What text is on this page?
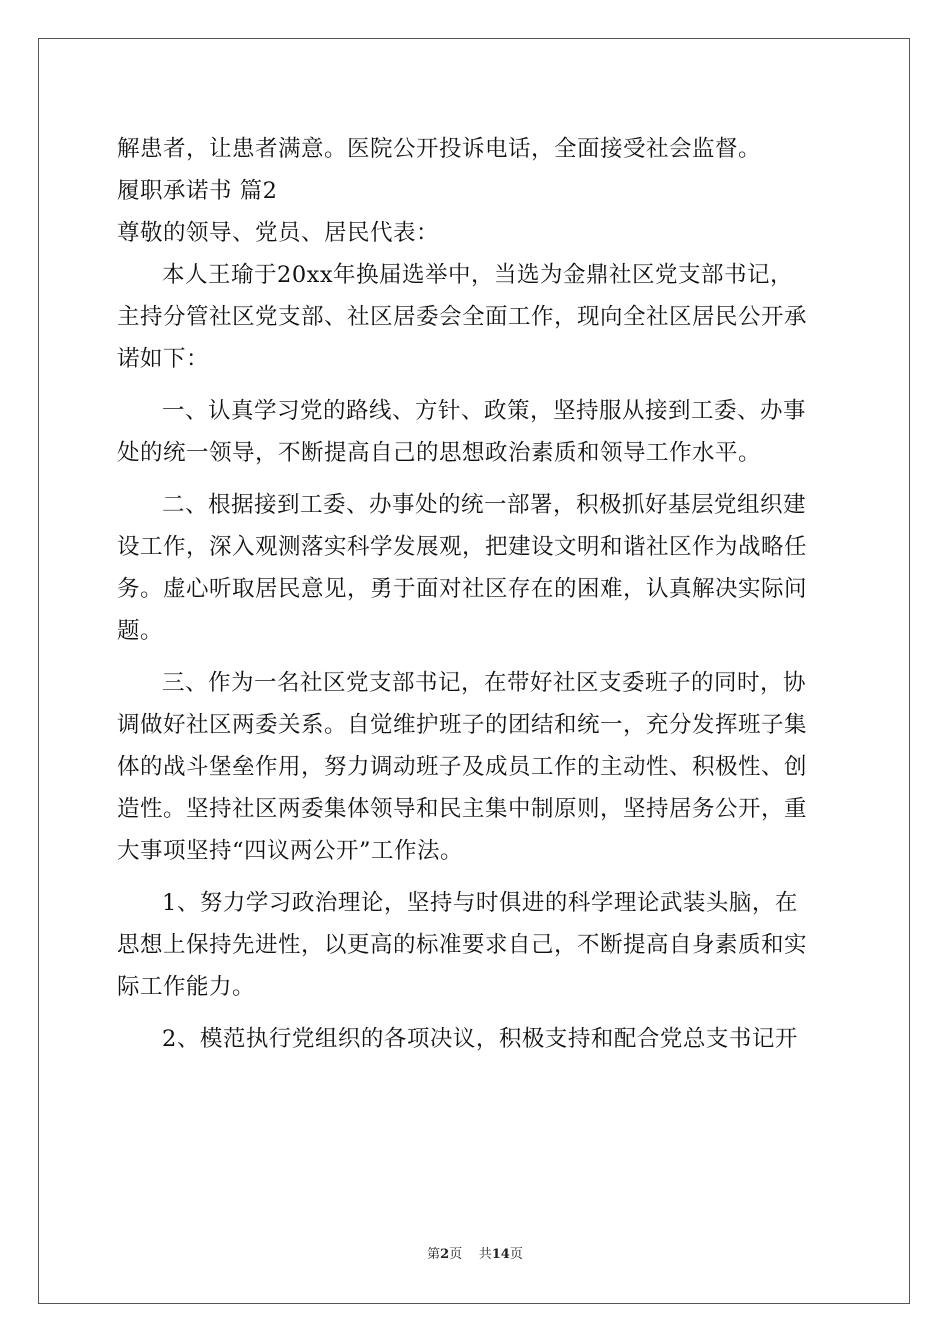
解患者，让患者满意。医院公开投诉电话，全面接受社会监督。
履职承诺书 篇2
尊敬的领导、党员、居民代表：
本人王瑜于20xx年换届选举中，当选为金鼎社区党支部书记，
主持分管社区党支部、社区居委会全面工作，现向全社区居民公开承
诺如下：
一、认真学习党的路线、方针、政策，坚持服从接到工委、办事
处的统一领导，不断提高自己的思想政治素质和领导工作水平。
二、根据接到工委、办事处的统一部署，积极抓好基层党组织建
设工作，深入观测落实科学发展观，把建设文明和谐社区作为战略任
务。虚心听取居民意见，勇于面对社区存在的困难，认真解决实际问
题。
三、作为一名社区党支部书记，在带好社区支委班子的同时，协
调做好社区两委关系。自觉维护班子的团结和统一，充分发挥班子集
体的战斗堡垒作用，努力调动班子及成员工作的主动性、积极性、创
造性。坚持社区两委集体领导和民主集中制原则，坚持居务公开，重
大事项坚持“四议两公开”工作法。
1、努力学习政治理论，坚持与时俱进的科学理论武装头脑，在
思想上保持先进性，以更高的标准要求自己，不断提高自身素质和实
际工作能力。
2、模范执行党组织的各项决议，积极支持和配合党总支书记开
第2页    共14页
